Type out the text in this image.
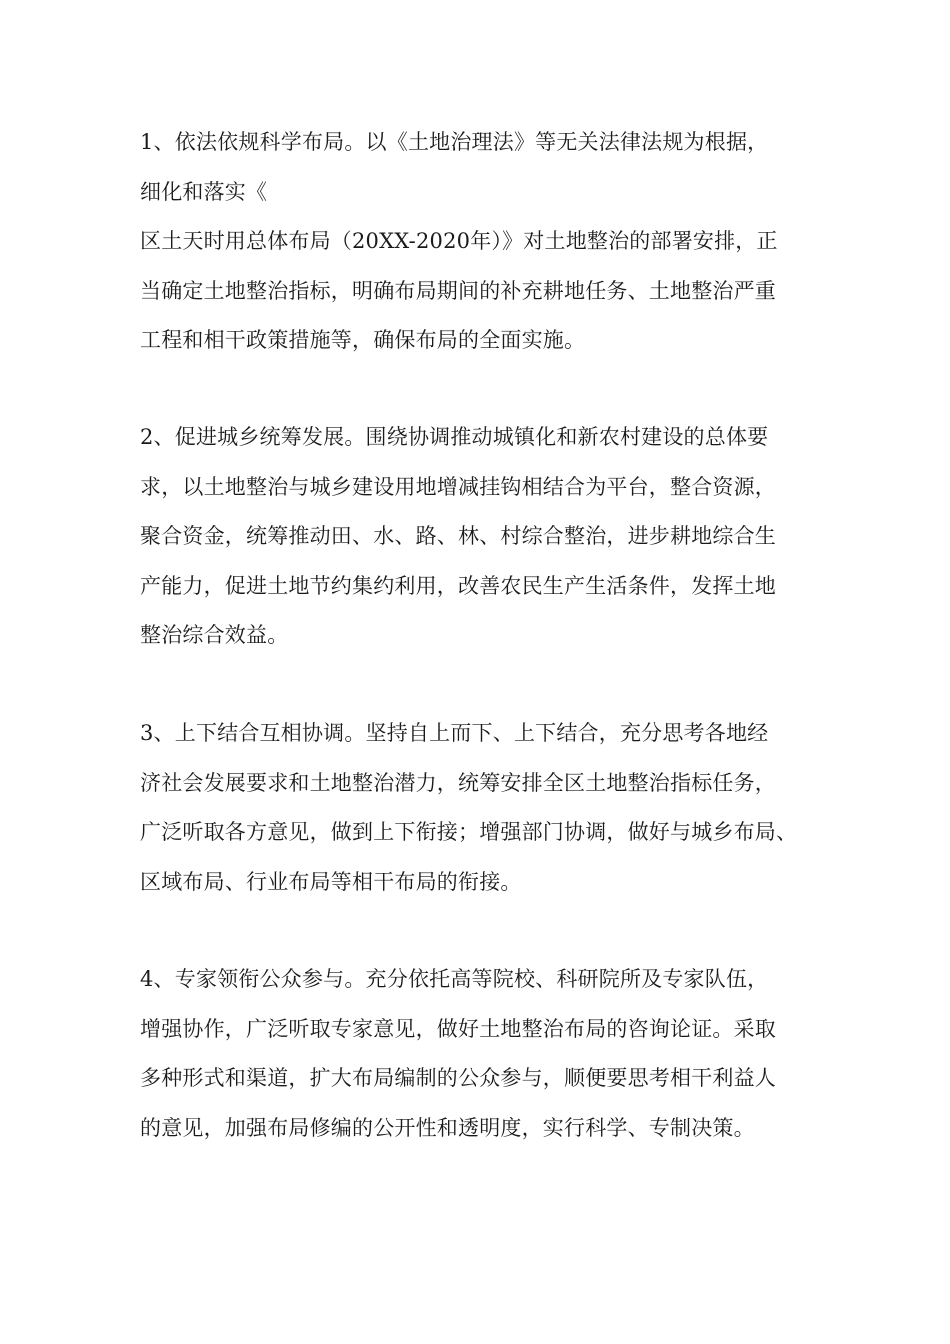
1、依法依规科学布局。以《土地治理法》等无关法律法规为根据，
细化和落实《
区土天时用总体布局（20XX-2020年）》对土地整治的部署安排，正
当确定土地整治指标，明确布局期间的补充耕地任务、土地整治严重
工程和相干政策措施等，确保布局的全面实施。
2、促进城乡统筹发展。围绕协调推动城镇化和新农村建设的总体要
求，以土地整治与城乡建设用地增减挂钩相结合为平台，整合资源，
聚合资金，统筹推动田、水、路、林、村综合整治，进步耕地综合生
产能力，促进土地节约集约利用，改善农民生产生活条件，发挥土地
整治综合效益。
3、上下结合互相协调。坚持自上而下、上下结合，充分思考各地经
济社会发展要求和土地整治潜力，统筹安排全区土地整治指标任务，
广泛听取各方意见，做到上下衔接；增强部门协调，做好与城乡布局、
区域布局、行业布局等相干布局的衔接。
4、专家领衔公众参与。充分依托高等院校、科研院所及专家队伍，
增强协作，广泛听取专家意见，做好土地整治布局的咨询论证。采取
多种形式和渠道，扩大布局编制的公众参与，顺便要思考相干利益人
的意见，加强布局修编的公开性和透明度，实行科学、专制决策。
